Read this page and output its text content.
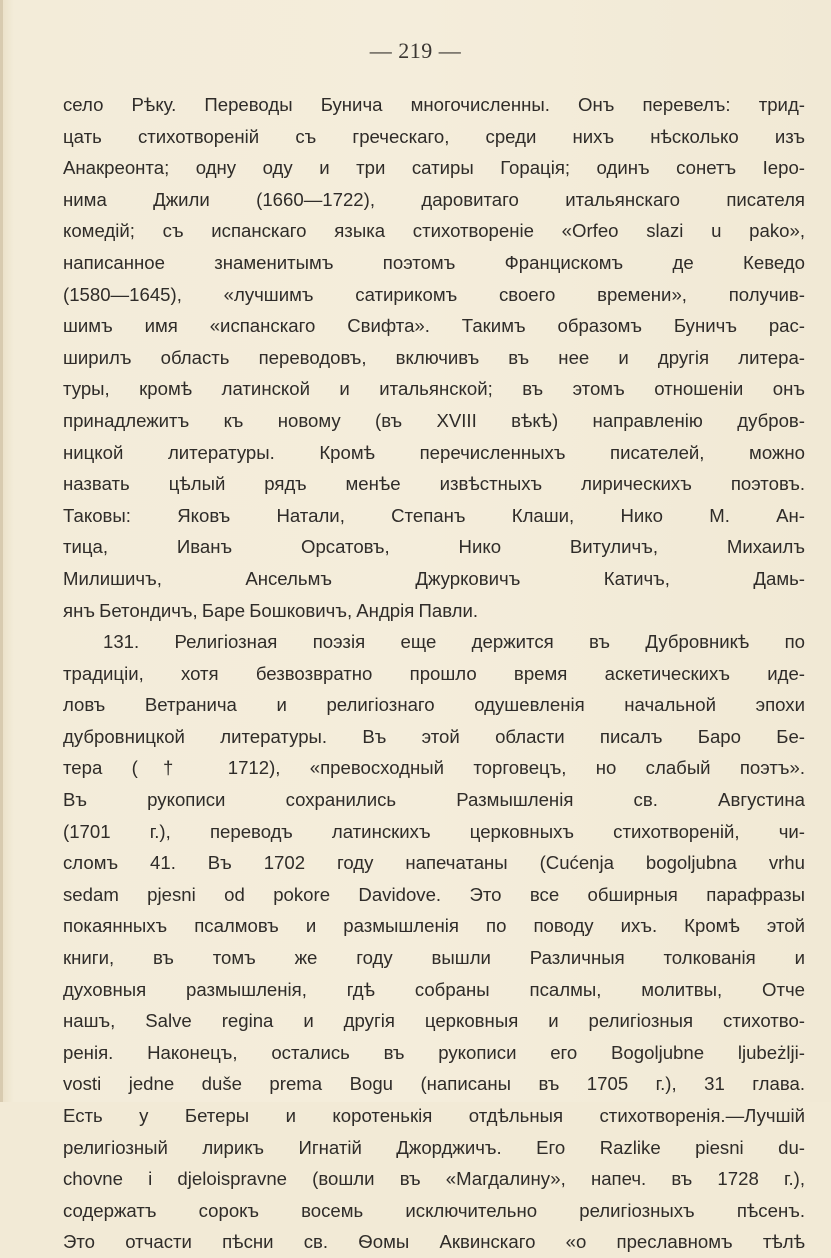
— 219 —
село Рѣку. Переводы Бунича многочисленны. Онъ перевелъ: трид-
цать стихотвореній съ греческаго, среди нихъ нѣсколько изъ
Анакреонта; одну оду и три сатиры Горація; одинъ сонетъ Іеро-
нима Джили (1660—1722), даровитаго итальянскаго писателя
комедій; съ испанскаго языка стихотвореніе «Orfeo slazi u pako»,
написанное знаменитымъ поэтомъ Францискомъ де Кеведо
(1580—1645), «лучшимъ сатирикомъ своего времени», получив-
шимъ имя «испанскаго Свифта». Такимъ образомъ Буничъ рас-
ширилъ область переводовъ, включивъ въ нее и другія литера-
туры, кромѣ латинской и итальянской; въ этомъ отношеніи онъ
принадлежитъ къ новому (въ XVIII вѣкѣ) направленію дубров-
ницкой литературы. Кромѣ перечисленныхъ писателей, можно
назвать цѣлый рядъ менѣе извѣстныхъ лирическихъ поэтовъ.
Таковы: Яковъ Натали, Степанъ Клаши, Нико М. Ан-
тица, Иванъ Орсатовъ, Нико Витуличъ, Михаилъ
Милишичъ, Ансельмъ Джурковичъ Катичъ, Дамь-
янъ Бетондичъ, Баре Бошковичъ, Андрія Павли.
131. Религіозная поэзія еще держится въ Дубровникѣ по
традиціи, хотя безвозвратно прошло время аскетическихъ иде-
ловъ Ветранича и религіознаго одушевленія начальной эпохи
дубровницкой литературы. Въ этой области писалъ Баро Бе-
тера († 1712), «превосходный торговецъ, но слабый поэтъ».
Въ рукописи сохранились Размышленія св. Августина
(1701 г.), переводъ латинскихъ церковныхъ стихотвореній, чи-
сломъ 41. Въ 1702 году напечатаны (Cućenja bogoljubna vrhu
sedam pjesni od pokore Davidove. Это все обширныя парафразы
покаянныхъ псалмовъ и размышленія по поводу ихъ. Кромѣ этой
книги, въ томъ же году вышли Различныя толкованія и
духовныя размышленія, гдѣ собраны псалмы, молитвы, Отче
нашъ, Salve regina и другія церковныя и религіозныя стихотво-
ренія. Наконецъ, остались въ рукописи его Bogoljubne ljubeżlji-
vosti jedne duše prema Bogu (написаны въ 1705 г.), 31 глава.
Есть у Бетеры и коротенькія отдѣльныя стихотворенія.—Лучшій
религіозный лирикъ Игнатій Джорджичъ. Его Razlike piesni du-
chovne i djeloispravne (вошли въ «Магдалину», напеч. въ 1728 г.),
содержатъ сорокъ восемь исключительно религіозныхъ пѣсенъ.
Это отчасти пѣсни св. Ѳомы Аквинскаго «о преславномъ тѣлѣ
